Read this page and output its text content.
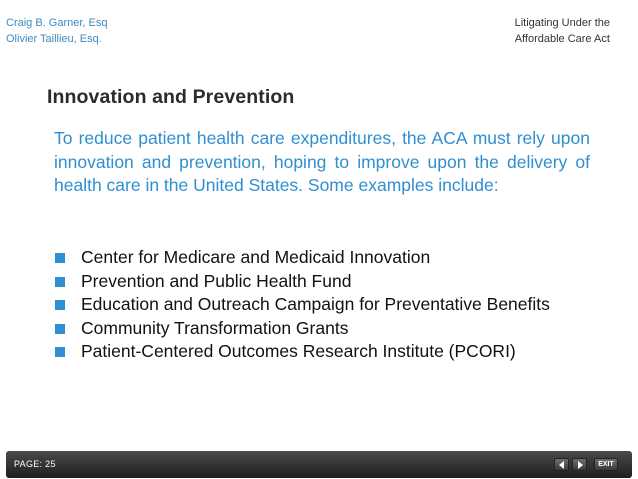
Craig B. Garner, Esq
Olivier Taillieu, Esq.
Litigating Under the
Affordable Care Act
Innovation and Prevention
To reduce patient health care expenditures, the ACA must rely upon innovation and prevention, hoping to improve upon the delivery of health care in the United States. Some examples include:
Center for Medicare and Medicaid Innovation
Prevention and Public Health Fund
Education and Outreach Campaign for Preventative Benefits
Community Transformation Grants
Patient-Centered Outcomes Research Institute (PCORI)
PAGE: 25	EXIT
